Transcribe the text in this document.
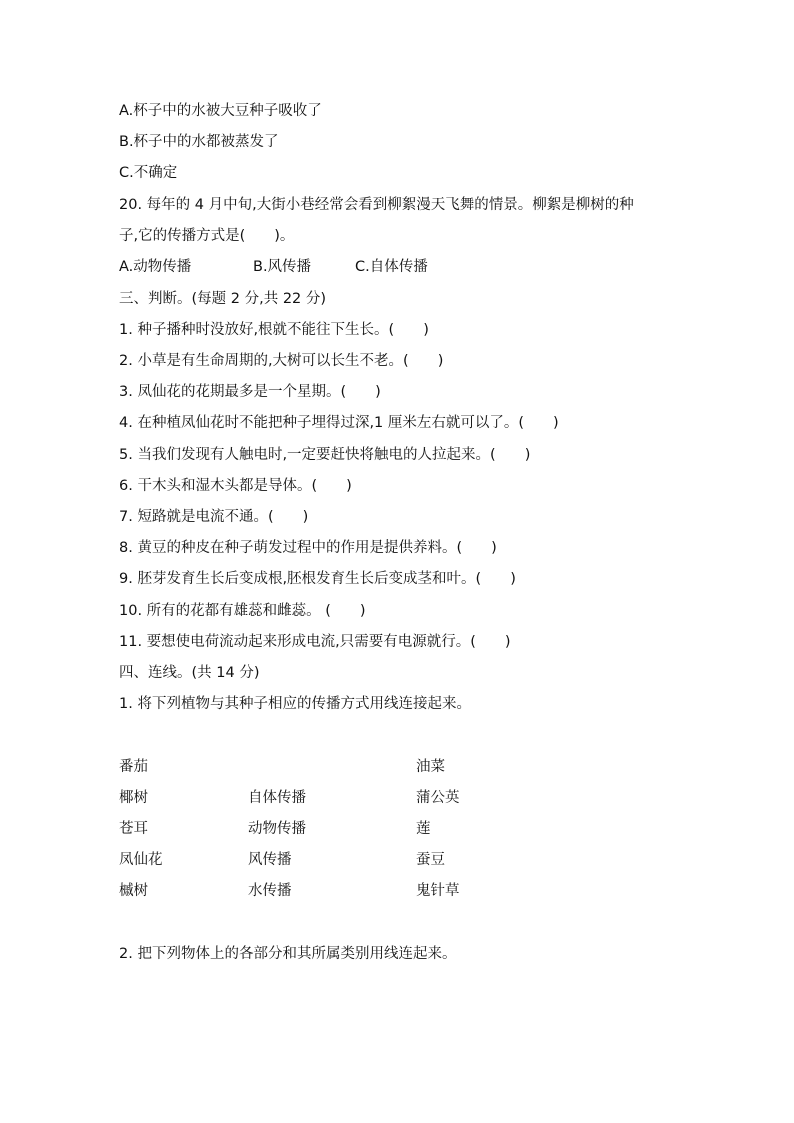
A.杯子中的水被大豆种子吸收了
B.杯子中的水都被蒸发了
C.不确定
20. 每年的 4 月中旬,大街小巷经常会看到柳絮漫天飞舞的情景。柳絮是柳树的种
子,它的传播方式是(　　)。
A.动物传播	B.风传播	C.自体传播
三、判断。(每题 2 分,共 22 分)
1. 种子播种时没放好,根就不能往下生长。(　　)
2. 小草是有生命周期的,大树可以长生不老。(　　)
3. 凤仙花的花期最多是一个星期。(　　)
4. 在种植凤仙花时不能把种子埋得过深,1 厘米左右就可以了。(　　)
5. 当我们发现有人触电时,一定要赶快将触电的人拉起来。(　　)
6. 干木头和湿木头都是导体。(　　)
7. 短路就是电流不通。(　　)
8. 黄豆的种皮在种子萌发过程中的作用是提供养料。(　　)
9. 胚芽发育生长后变成根,胚根发育生长后变成茎和叶。(　　)
10. 所有的花都有雄蕊和雌蕊。 (　　)
11. 要想使电荷流动起来形成电流,只需要有电源就行。(　　)
四、连线。(共 14 分)
1. 将下列植物与其种子相应的传播方式用线连接起来。
番茄
椰树
苍耳
凤仙花
槭树
自体传播
动物传播
风传播
水传播
油菜
蒲公英
莲
蚕豆
鬼针草
2. 把下列物体上的各部分和其所属类别用线连起来。
